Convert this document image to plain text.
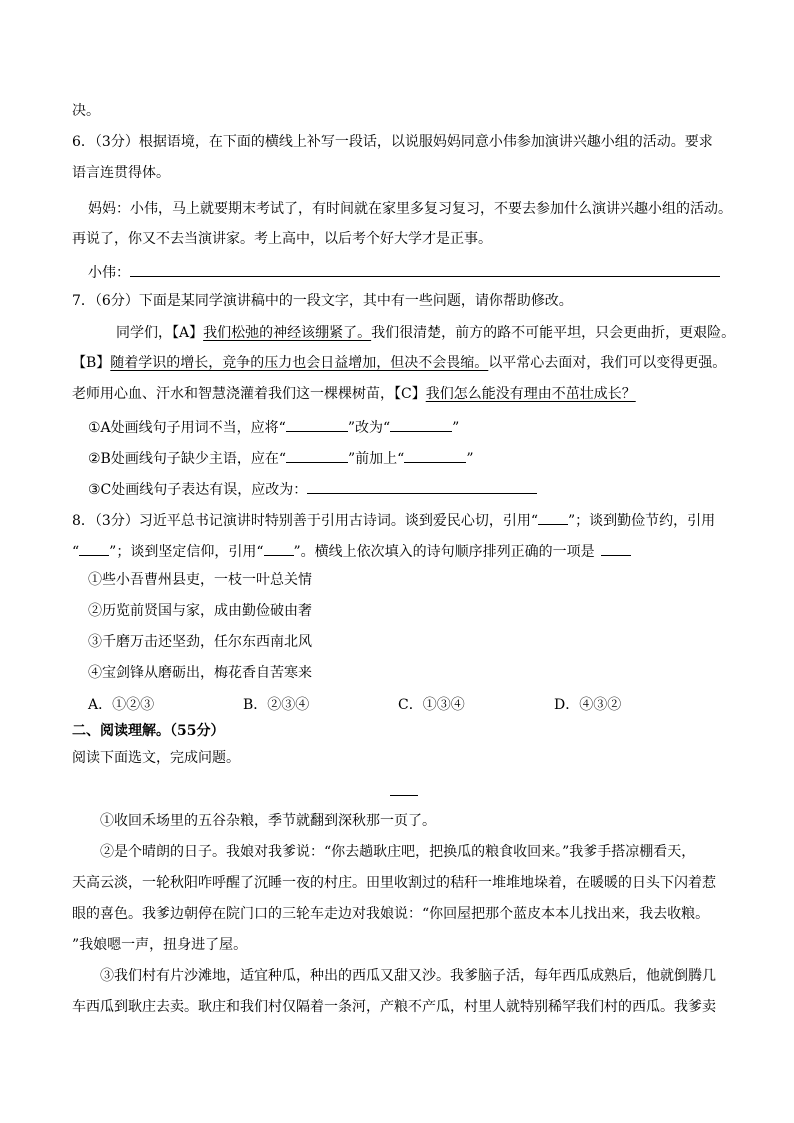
决。
6．（3分）根据语境，在下面的横线上补写一段话，以说服妈妈同意小伟参加演讲兴趣小组的活动。要求
语言连贯得体。
妈妈：小伟，马上就要期末考试了，有时间就在家里多复习复习，不要去参加什么演讲兴趣小组的活动。
再说了，你又不去当演讲家。考上高中，以后考个好大学才是正事。
小伟：
7．（6分）下面是某同学演讲稿中的一段文字，其中有一些问题，请你帮助修改。
同学们，【A】我们松弛的神经该绷紧了。我们很清楚，前方的路不可能平坦，只会更曲折，更艰险。
【B】随着学识的增长，竞争的压力也会日益增加，但决不会畏缩。以平常心去面对，我们可以变得更强。
老师用心血、汗水和智慧浇灌着我们这一棵棵树苗，【C】我们怎么能没有理由不茁壮成长？
①A处画线句子用词不当，应将“	”改为“	”
②B处画线句子缺少主语，应在“	”前加上“	”
③C处画线句子表达有误，应改为：
8．（3分）习近平总书记演讲时特别善于引用古诗词。谈到爱民心切，引用“ ”；谈到勤俭节约，引用
“ ”；谈到坚定信仰，引用“ ”。横线上依次填入的诗句顺序排列正确的一项是
①些小吾曹州县吏，一枝一叶总关情
②历览前贤国与家，成由勤俭破由奢
③千磨万击还坚劲，任尔东西南北风
④宝剑锋从磨砺出，梅花香自苦寒来
A．①②③	B．②③④	C．①③④	D．④③②
二、阅读理解。（55分）
阅读下面选文，完成问题。
①收回禾场里的五谷杂粮，季节就翻到深秋那一页了。
②是个晴朗的日子。我娘对我爹说：“你去趟耿庄吧，把换瓜的粮食收回来。”我爹手搭凉棚看天，
天高云淡，一轮秋阳咋呼醒了沉睡一夜的村庄。田里收割过的秸秆一堆堆地垛着，在暖暖的日头下闪着惹
眼的喜色。我爹边朝停在院门口的三轮车走边对我娘说：“你回屋把那个蓝皮本本儿找出来，我去收粮。
”我娘嗯一声，扭身进了屋。
③我们村有片沙滩地，适宜种瓜，种出的西瓜又甜又沙。我爹脑子活，每年西瓜成熟后，他就倒腾几
车西瓜到耿庄去卖。耿庄和我们村仅隔着一条河，产粮不产瓜，村里人就特别稀罕我们村的西瓜。我爹卖
